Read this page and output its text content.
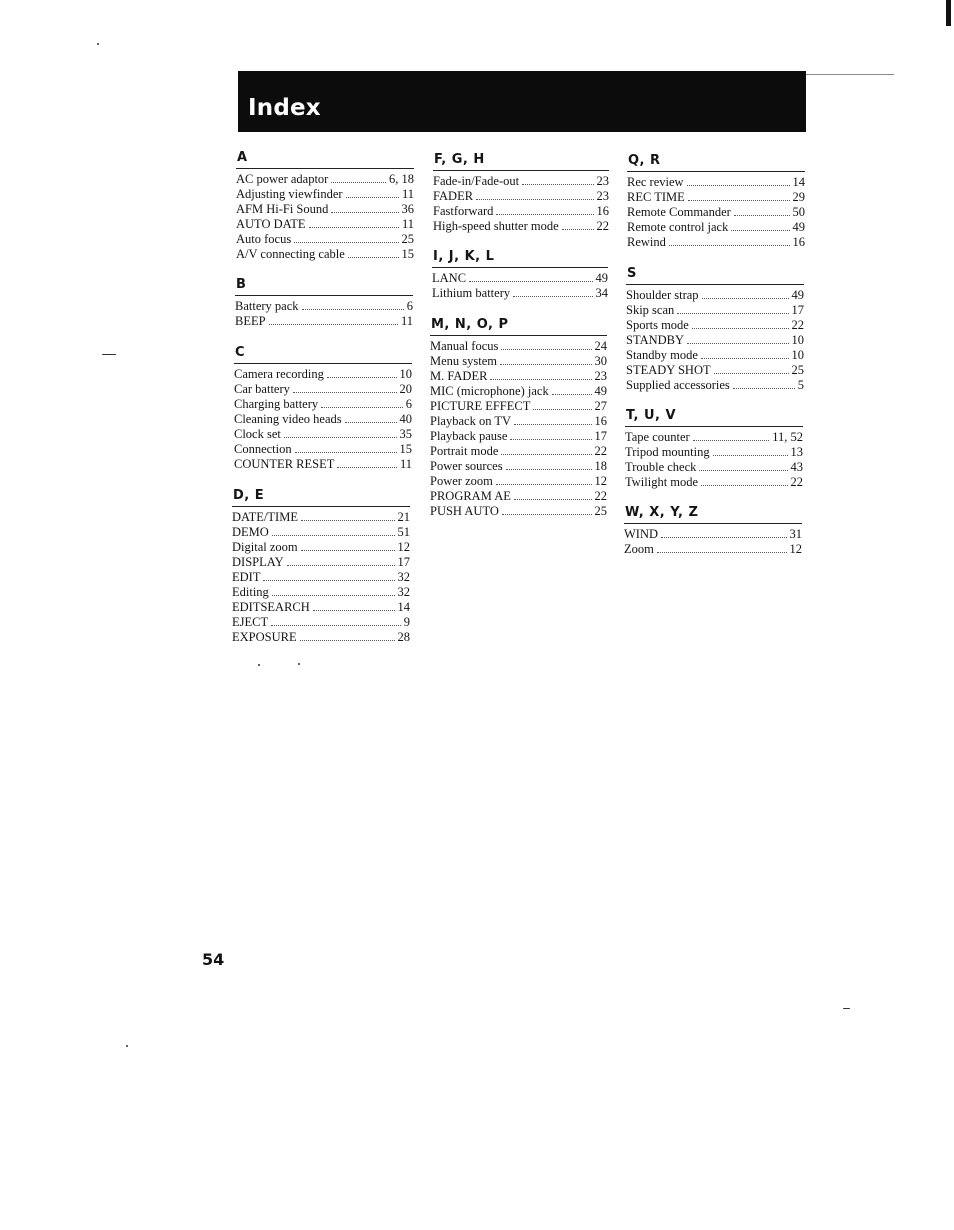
Index
A
AC power adaptor	6, 18
Adjusting viewfinder	11
AFM Hi-Fi Sound	36
AUTO DATE	11
Auto focus	25
A/V connecting cable	15
B
Battery pack	6
BEEP	11
C
Camera recording	10
Car battery	20
Charging battery	6
Cleaning video heads	40
Clock set	35
Connection	15
COUNTER RESET	11
D, E
DATE/TIME	21
DEMO	51
Digital zoom	12
DISPLAY	17
EDIT	32
Editing	32
EDITSEARCH	14
EJECT	9
EXPOSURE	28
F, G, H
Fade-in/Fade-out	23
FADER	23
Fastforward	16
High-speed shutter mode	22
I, J, K, L
LANC	49
Lithium battery	34
M, N, O, P
Manual focus	24
Menu system	30
M. FADER	23
MIC (microphone) jack	49
PICTURE EFFECT	27
Playback on TV	16
Playback pause	17
Portrait mode	22
Power sources	18
Power zoom	12
PROGRAM AE	22
PUSH AUTO	25
Q, R
Rec review	14
REC TIME	29
Remote Commander	50
Remote control jack	49
Rewind	16
S
Shoulder strap	49
Skip scan	17
Sports mode	22
STANDBY	10
Standby mode	10
STEADY SHOT	25
Supplied accessories	5
T, U, V
Tape counter	11, 52
Tripod mounting	13
Trouble check	43
Twilight mode	22
W, X, Y, Z
WIND	31
Zoom	12
54
